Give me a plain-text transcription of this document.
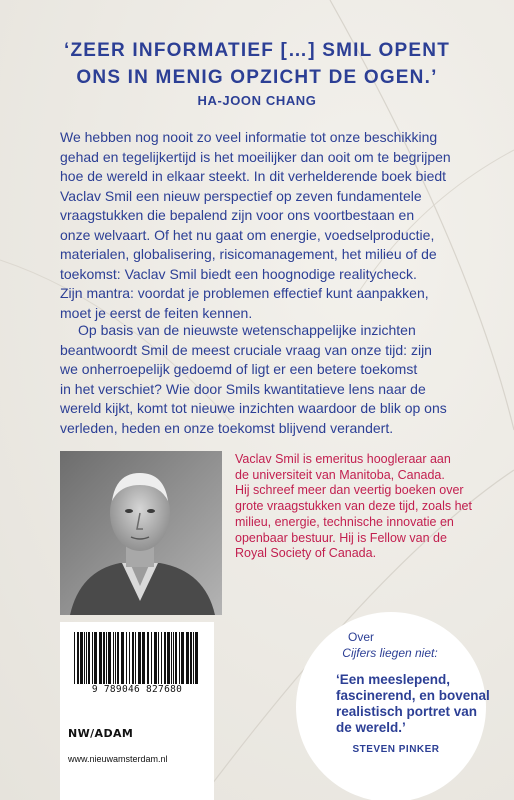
‘ZEER INFORMATIEF […] SMIL OPENT
ONS IN MENIG OPZICHT DE OGEN.’
HA-JOON CHANG
We hebben nog nooit zo veel informatie tot onze beschikking
gehad en tegelijkertijd is het moeilijker dan ooit om te begrijpen
hoe de wereld in elkaar steekt. In dit verhelderende boek biedt
Vaclav Smil een nieuw perspectief op zeven fundamentele
vraagstukken die bepalend zijn voor ons voortbestaan en
onze welvaart. Of het nu gaat om energie, voedselproductie,
materialen, globalisering, risicomanagement, het milieu of de
toekomst: Vaclav Smil biedt een hoognodige realitycheck.
Zijn mantra: voordat je problemen effectief kunt aanpakken,
moet je eerst de feiten kennen.
Op basis van de nieuwste wetenschappelijke inzichten
beantwoordt Smil de meest cruciale vraag van onze tijd: zijn
we onherroepelijk gedoemd of ligt er een betere toekomst
in het verschiet? Wie door Smils kwantitatieve lens naar de
wereld kijkt, komt tot nieuwe inzichten waardoor de blik op ons
verleden, heden en onze toekomst blijvend verandert.
Vaclav Smil is emeritus hoogleraar aan
de universiteit van Manitoba, Canada.
Hij schreef meer dan veertig boeken over
grote vraagstukken van deze tijd, zoals het
milieu, energie, technische innovatie en
openbaar bestuur. Hij is Fellow van de
Royal Society of Canada.
9 789046 827680
NW/ADAM
www.nieuwamsterdam.nl
Over
Cijfers liegen niet:
‘Een meeslepend,
fascinerend, en bovenal
realistisch portret van
de wereld.’
STEVEN PINKER
